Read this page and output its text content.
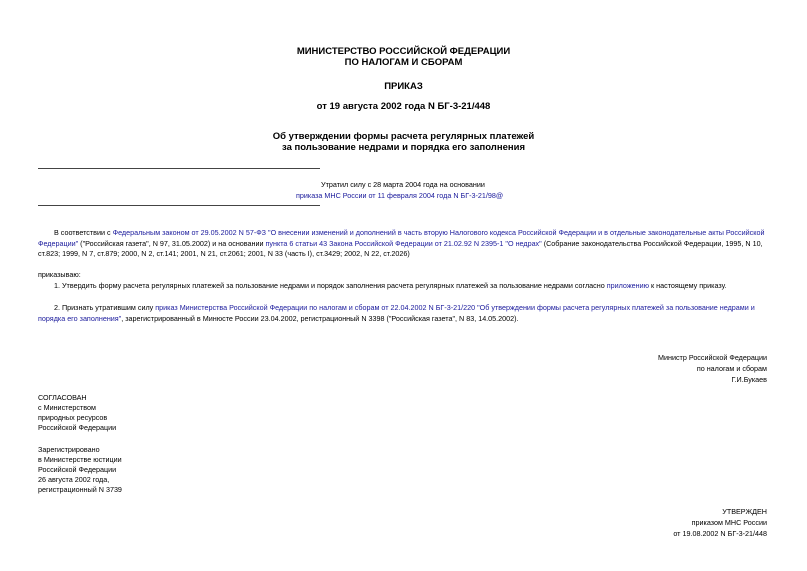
МИНИСТЕРСТВО РОССИЙСКОЙ ФЕДЕРАЦИИ
ПО НАЛОГАМ И СБОРАМ
ПРИКАЗ
от 19 августа 2002 года N БГ-3-21/448
Об утверждении формы расчета регулярных платежей
за пользование недрами и порядка его заполнения
Утратил силу с 28 марта 2004 года на основании
приказа МНС России от 11 февраля 2004 года N БГ-3-21/98@
В соответствии с Федеральным законом от 29.05.2002 N 57-ФЗ "О внесении изменений и дополнений в часть вторую Налогового кодекса Российской Федерации и в отдельные законодательные акты Российской Федерации" ("Российская газета", N 97, 31.05.2002) и на основании пункта 6 статьи 43 Закона Российской Федерации от 21.02.92 N 2395-1 "О недрах" (Собрание законодательства Российской Федерации, 1995, N 10, ст.823; 1999, N 7, ст.879; 2000, N 2, ст.141; 2001, N 21, ст.2061; 2001, N 33 (часть I), ст.3429; 2002, N 22, ст.2026)
приказываю:
1. Утвердить форму расчета регулярных платежей за пользование недрами и порядок заполнения расчета регулярных платежей за пользование недрами согласно приложению к настоящему приказу.
2. Признать утратившим силу приказ Министерства Российской Федерации по налогам и сборам от 22.04.2002 N БГ-3-21/220 "Об утверждении формы расчета регулярных платежей за пользование недрами и порядка его заполнения", зарегистрированный в Минюсте России 23.04.2002, регистрационный N 3398 ("Российская газета", N 83, 14.05.2002).
Министр Российской Федерации
по налогам и сборам
Г.И.Букаев
СОГЛАСОВАН
с Министерством
природных ресурсов
Российской Федерации
Зарегистрировано
в Министерстве юстиции
Российской Федерации
26 августа 2002 года,
регистрационный N 3739
УТВЕРЖДЕН
приказом МНС России
от 19.08.2002 N БГ-3-21/448
